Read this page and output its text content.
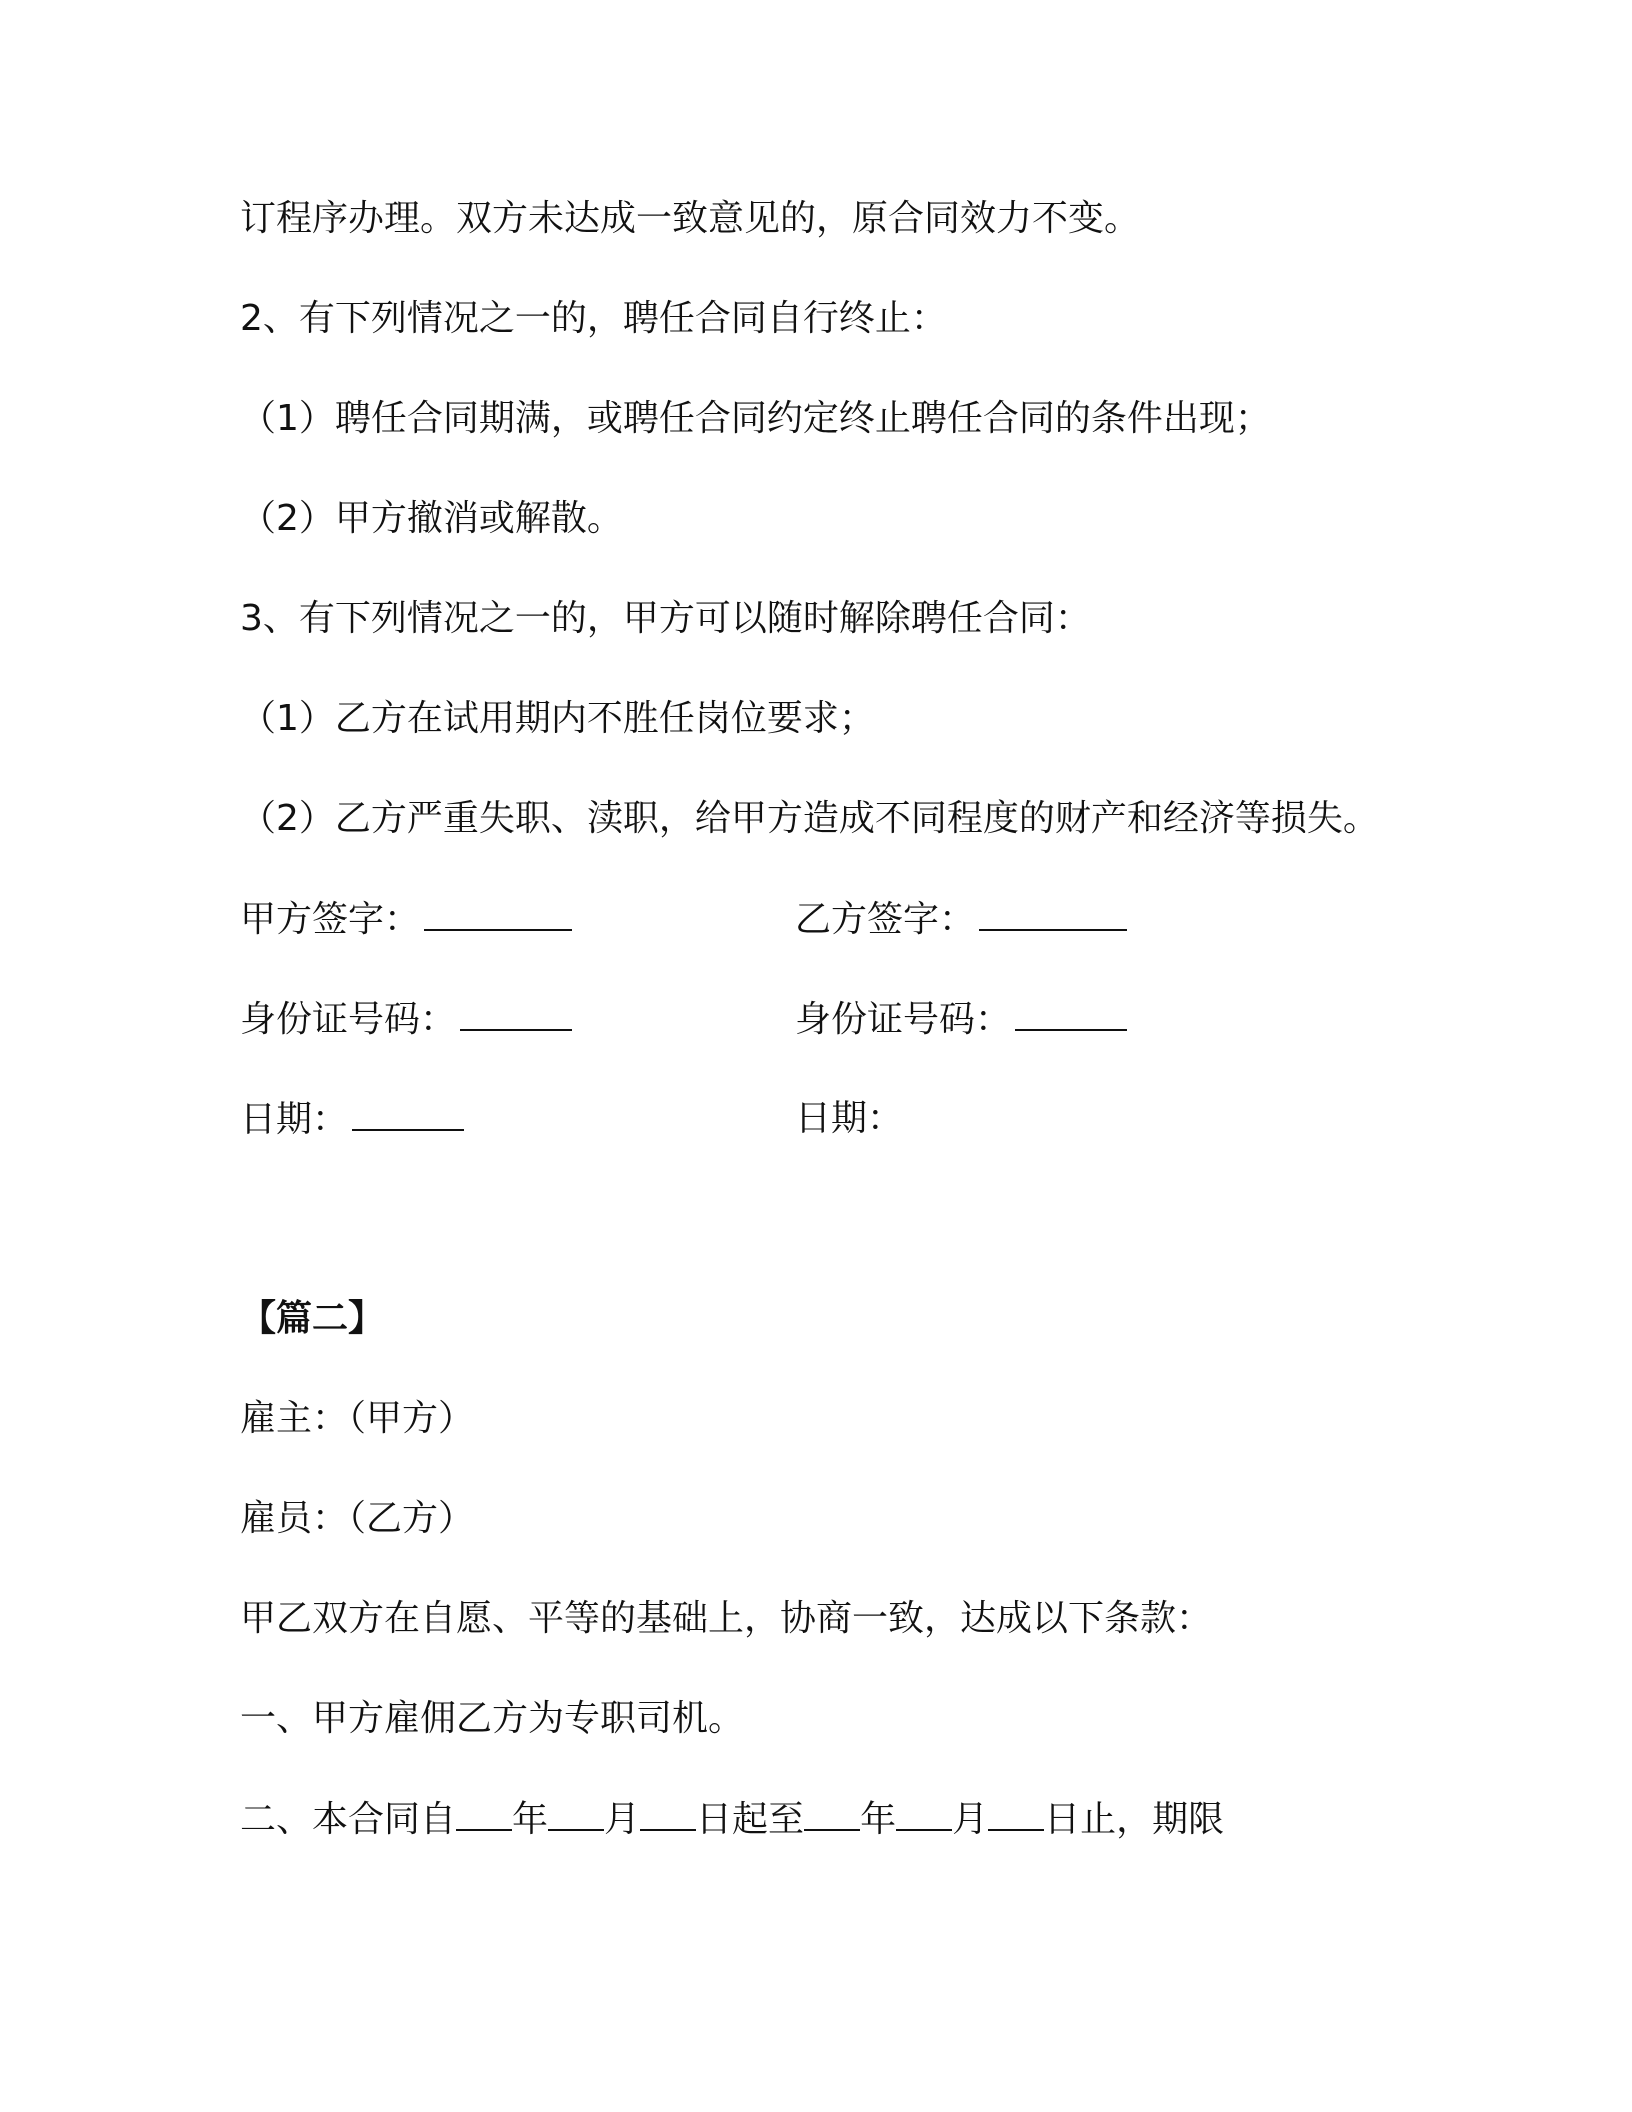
订程序办理。双方未达成一致意见的，原合同效力不变。
2、有下列情况之一的，聘任合同自行终止：
（1）聘任合同期满，或聘任合同约定终止聘任合同的条件出现；
（2）甲方撤消或解散。
3、有下列情况之一的，甲方可以随时解除聘任合同：
（1）乙方在试用期内不胜任岗位要求；
（2）乙方严重失职、渎职，给甲方造成不同程度的财产和经济等损失。
甲方签字：	乙方签字：
身份证号码：	身份证号码：
日期：	日期：
【篇二】
雇主：（甲方）
雇员：（乙方）
甲乙双方在自愿、平等的基础上，协商一致，达成以下条款：
一、甲方雇佣乙方为专职司机。
二、本合同自 年 月 日起至 年 月 日止，期限
